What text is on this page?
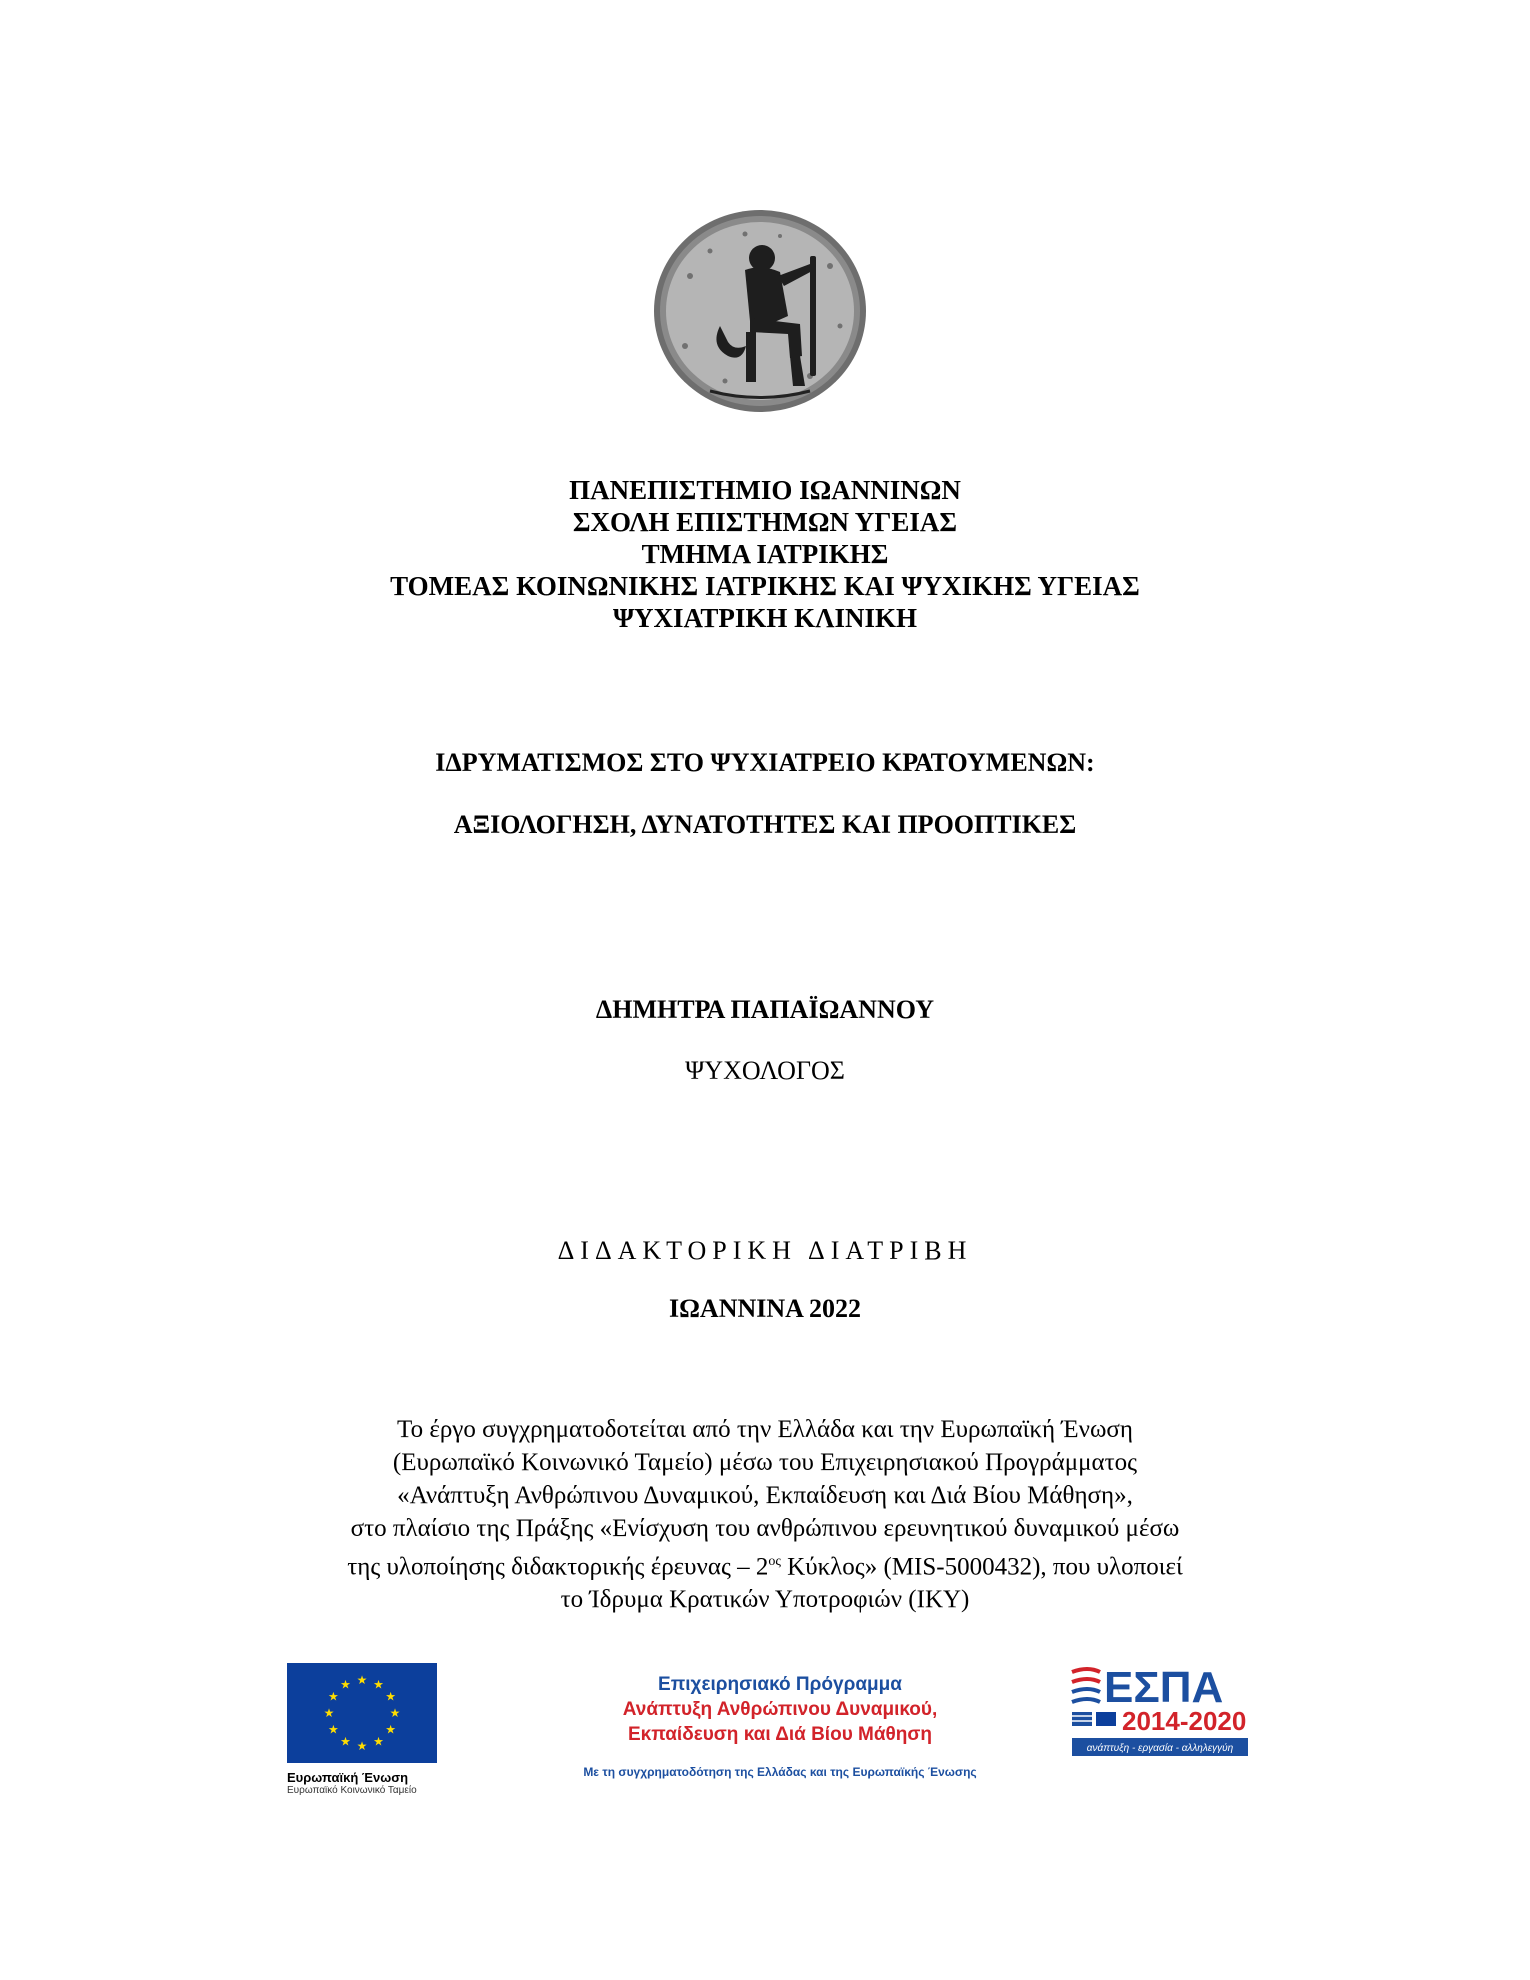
ΠΑΝΕΠΙΣΤΗΜΙΟ ΙΩΑΝΝΙΝΩΝ
ΣΧΟΛΗ ΕΠΙΣΤΗΜΩΝ ΥΓΕΙΑΣ
ΤΜΗΜΑ ΙΑΤΡΙΚΗΣ
ΤΟΜΕΑΣ ΚΟΙΝΩΝΙΚΗΣ ΙΑΤΡΙΚΗΣ ΚΑΙ ΨΥΧΙΚΗΣ ΥΓΕΙΑΣ
ΨΥΧΙΑΤΡΙΚΗ ΚΛΙΝΙΚΗ
ΙΔΡΥΜΑΤΙΣΜΟΣ ΣΤΟ ΨΥΧΙΑΤΡΕΙΟ ΚΡΑΤΟΥΜΕΝΩΝ:
ΑΞΙΟΛΟΓΗΣΗ, ΔΥΝΑΤΟΤΗΤΕΣ ΚΑΙ ΠΡΟΟΠΤΙΚΕΣ
ΔΗΜΗΤΡΑ ΠΑΠΑΪΩΑΝΝΟΥ
ΨΥΧΟΛΟΓΟΣ
ΔΙΔΑΚΤΟΡΙΚΗ ΔΙΑΤΡΙΒΗ
ΙΩΑΝΝΙΝΑ 2022
Το έργο συγχρηματοδοτείται από την Ελλάδα και την Ευρωπαϊκή Ένωση
(Ευρωπαϊκό Κοινωνικό Ταμείο) μέσω του Επιχειρησιακού Προγράμματος
«Ανάπτυξη Ανθρώπινου Δυναμικού, Εκπαίδευση και Διά Βίου Μάθηση»,
στο πλαίσιο της Πράξης «Ενίσχυση του ανθρώπινου ερευνητικού δυναμικού μέσω
της υλοποίησης διδακτορικής έρευνας – $2^{o\varsigma}$ Κύκλος» (MIS-5000432), που υλοποιεί
το Ίδρυμα Κρατικών Υποτροφιών (ΙΚΥ)
★ ★
★
★
★
★
★
★
★
★
★
★
Ευρωπαϊκή Ένωση
Ευρωπαϊκό Κοινωνικό Ταμείο
Επιχειρησιακό Πρόγραμμα
Ανάπτυξη Ανθρώπινου Δυναμικού,
Εκπαίδευση και Διά Βίου Μάθηση
Με τη συγχρηματοδότηση της Ελλάδας και της Ευρωπαϊκής Ένωσης
ΕΣΠΑ
2014-2020
ανάπτυξη - εργασία - αλληλεγγύη
